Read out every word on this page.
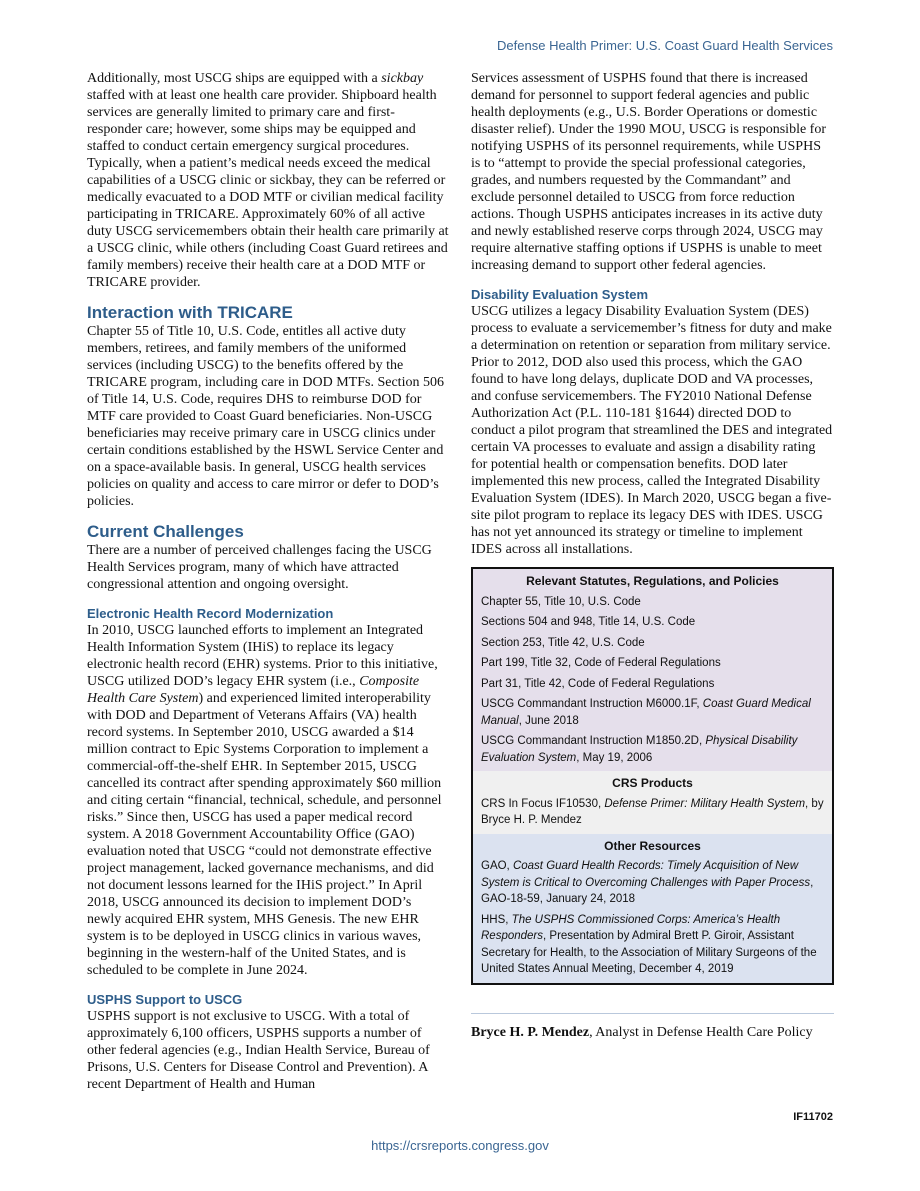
Defense Health Primer: U.S. Coast Guard Health Services

Additionally, most USCG ships are equipped with a sickbay staffed with at least one health care provider. Shipboard health services are generally limited to primary care and first-responder care; however, some ships may be equipped and staffed to conduct certain emergency surgical procedures. Typically, when a patient’s medical needs exceed the medical capabilities of a USCG clinic or sickbay, they can be referred or medically evacuated to a DOD MTF or civilian medical facility participating in TRICARE. Approximately 60% of all active duty USCG servicemembers obtain their health care primarily at a USCG clinic, while others (including Coast Guard retirees and family members) receive their health care at a DOD MTF or TRICARE provider.

Interaction with TRICARE

Chapter 55 of Title 10, U.S. Code, entitles all active duty members, retirees, and family members of the uniformed services (including USCG) to the benefits offered by the TRICARE program, including care in DOD MTFs. Section 506 of Title 14, U.S. Code, requires DHS to reimburse DOD for MTF care provided to Coast Guard beneficiaries. Non-USCG beneficiaries may receive primary care in USCG clinics under certain conditions established by the HSWL Service Center and on a space-available basis. In general, USCG health services policies on quality and access to care mirror or defer to DOD’s policies.

Current Challenges

There are a number of perceived challenges facing the USCG Health Services program, many of which have attracted congressional attention and ongoing oversight.

Electronic Health Record Modernization

In 2010, USCG launched efforts to implement an Integrated Health Information System (IHiS) to replace its legacy electronic health record (EHR) systems. Prior to this initiative, USCG utilized DOD’s legacy EHR system (i.e., Composite Health Care System) and experienced limited interoperability with DOD and Department of Veterans Affairs (VA) health record systems. In September 2010, USCG awarded a $14 million contract to Epic Systems Corporation to implement a commercial-off-the-shelf EHR. In September 2015, USCG cancelled its contract after spending approximately $60 million and citing certain “financial, technical, schedule, and personnel risks.” Since then, USCG has used a paper medical record system. A 2018 Government Accountability Office (GAO) evaluation noted that USCG “could not demonstrate effective project management, lacked governance mechanisms, and did not document lessons learned for the IHiS project.” In April 2018, USCG announced its decision to implement DOD’s newly acquired EHR system, MHS Genesis. The new EHR system is to be deployed in USCG clinics in various waves, beginning in the western-half of the United States, and is scheduled to be complete in June 2024.

USPHS Support to USCG

USPHS support is not exclusive to USCG. With a total of approximately 6,100 officers, USPHS supports a number of other federal agencies (e.g., Indian Health Service, Bureau of Prisons, U.S. Centers for Disease Control and Prevention). A recent Department of Health and Human

Services assessment of USPHS found that there is increased demand for personnel to support federal agencies and public health deployments (e.g., U.S. Border Operations or domestic disaster relief). Under the 1990 MOU, USCG is responsible for notifying USPHS of its personnel requirements, while USPHS is to “attempt to provide the special professional categories, grades, and numbers requested by the Commandant” and exclude personnel detailed to USCG from force reduction actions. Though USPHS anticipates increases in its active duty and newly established reserve corps through 2024, USCG may require alternative staffing options if USPHS is unable to meet increasing demand to support other federal agencies.

Disability Evaluation System

USCG utilizes a legacy Disability Evaluation System (DES) process to evaluate a servicemember’s fitness for duty and make a determination on retention or separation from military service. Prior to 2012, DOD also used this process, which the GAO found to have long delays, duplicate DOD and VA processes, and confuse servicemembers. The FY2010 National Defense Authorization Act (P.L. 110-181 §1644) directed DOD to conduct a pilot program that streamlined the DES and integrated certain VA processes to evaluate and assign a disability rating for potential health or compensation benefits. DOD later implemented this new process, called the Integrated Disability Evaluation System (IDES). In March 2020, USCG began a five-site pilot program to replace its legacy DES with IDES. USCG has not yet announced its strategy or timeline to implement IDES across all installations.

Relevant Statutes, Regulations, and Policies
Chapter 55, Title 10, U.S. Code
Sections 504 and 948, Title 14, U.S. Code
Section 253, Title 42, U.S. Code
Part 199, Title 32, Code of Federal Regulations
Part 31, Title 42, Code of Federal Regulations
USCG Commandant Instruction M6000.1F, Coast Guard Medical Manual, June 2018
USCG Commandant Instruction M1850.2D, Physical Disability Evaluation System, May 19, 2006
CRS Products
CRS In Focus IF10530, Defense Primer: Military Health System, by Bryce H. P. Mendez
Other Resources
GAO, Coast Guard Health Records: Timely Acquisition of New System is Critical to Overcoming Challenges with Paper Process, GAO-18-59, January 24, 2018
HHS, The USPHS Commissioned Corps: America’s Health Responders, Presentation by Admiral Brett P. Giroir, Assistant Secretary for Health, to the Association of Military Surgeons of the United States Annual Meeting, December 4, 2019

Bryce H. P. Mendez, Analyst in Defense Health Care Policy

IF11702
https://crsreports.congress.gov
